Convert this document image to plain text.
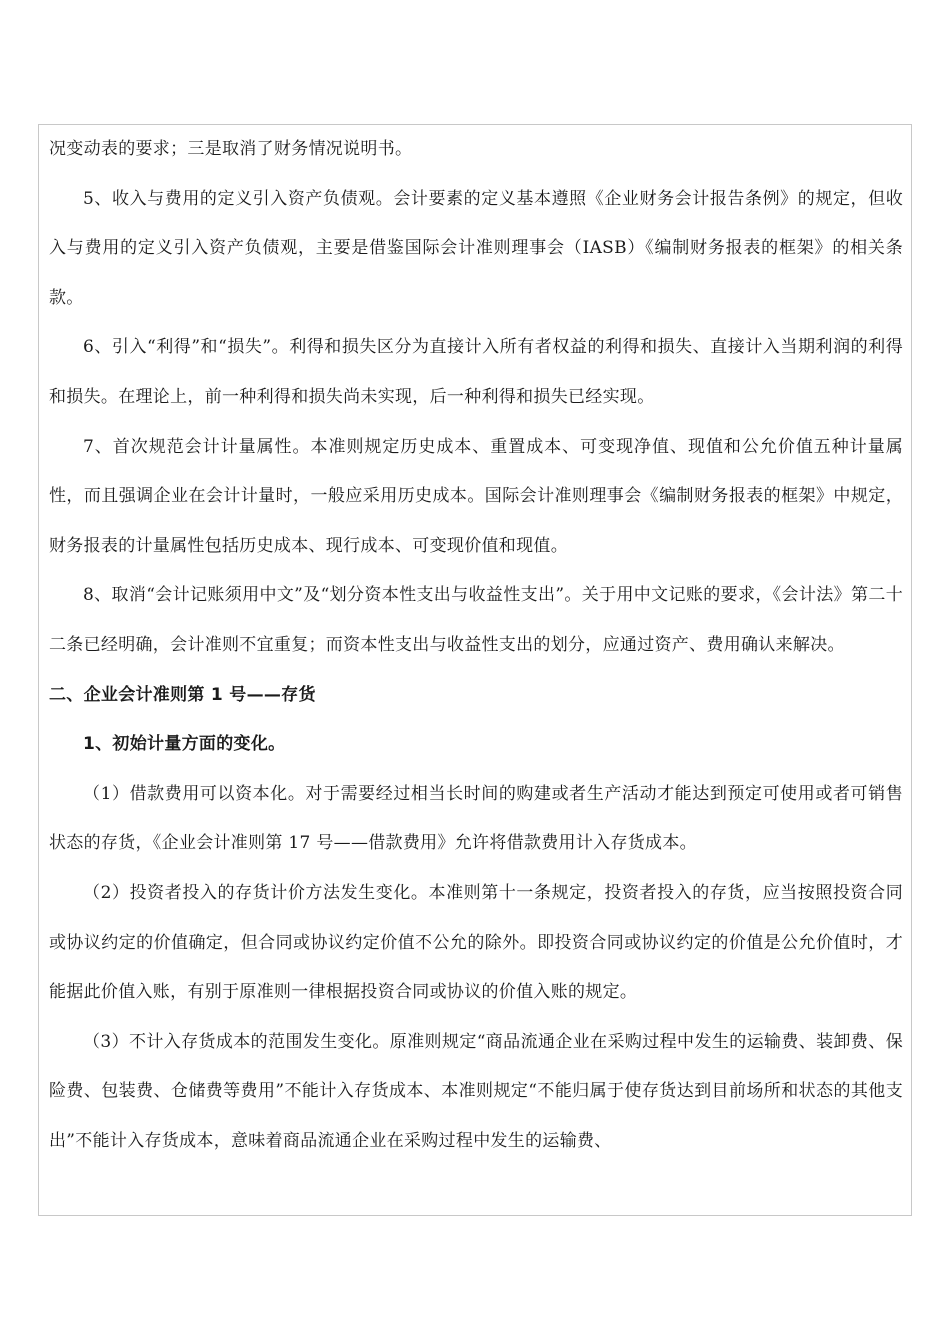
况变动表的要求；三是取消了财务情况说明书。

5、收入与费用的定义引入资产负债观。会计要素的定义基本遵照《企业财务会计报告条例》的规定，但收入与费用的定义引入资产负债观，主要是借鉴国际会计准则理事会（IASB）《编制财务报表的框架》的相关条款。

6、引入“利得”和“损失”。利得和损失区分为直接计入所有者权益的利得和损失、直接计入当期利润的利得和损失。在理论上，前一种利得和损失尚未实现，后一种利得和损失已经实现。

7、首次规范会计计量属性。本准则规定历史成本、重置成本、可变现净值、现值和公允价值五种计量属性，而且强调企业在会计计量时，一般应采用历史成本。国际会计准则理事会《编制财务报表的框架》中规定，财务报表的计量属性包括历史成本、现行成本、可变现价值和现值。

8、取消“会计记账须用中文”及“划分资本性支出与收益性支出”。关于用中文记账的要求，《会计法》第二十二条已经明确，会计准则不宜重复；而资本性支出与收益性支出的划分，应通过资产、费用确认来解决。

二、企业会计准则第 1 号——存货

1、初始计量方面的变化。

（1）借款费用可以资本化。对于需要经过相当长时间的购建或者生产活动才能达到预定可使用或者可销售状态的存货，《企业会计准则第 17 号——借款费用》允许将借款费用计入存货成本。

（2）投资者投入的存货计价方法发生变化。本准则第十一条规定，投资者投入的存货，应当按照投资合同或协议约定的价值确定，但合同或协议约定价值不公允的除外。即投资合同或协议约定的价值是公允价值时，才能据此价值入账，有别于原准则一律根据投资合同或协议的价值入账的规定。

（3）不计入存货成本的范围发生变化。原准则规定“商品流通企业在采购过程中发生的运输费、装卸费、保险费、包装费、仓储费等费用”不能计入存货成本、本准则规定“不能归属于使存货达到目前场所和状态的其他支出”不能计入存货成本，意味着商品流通企业在采购过程中发生的运输费、
